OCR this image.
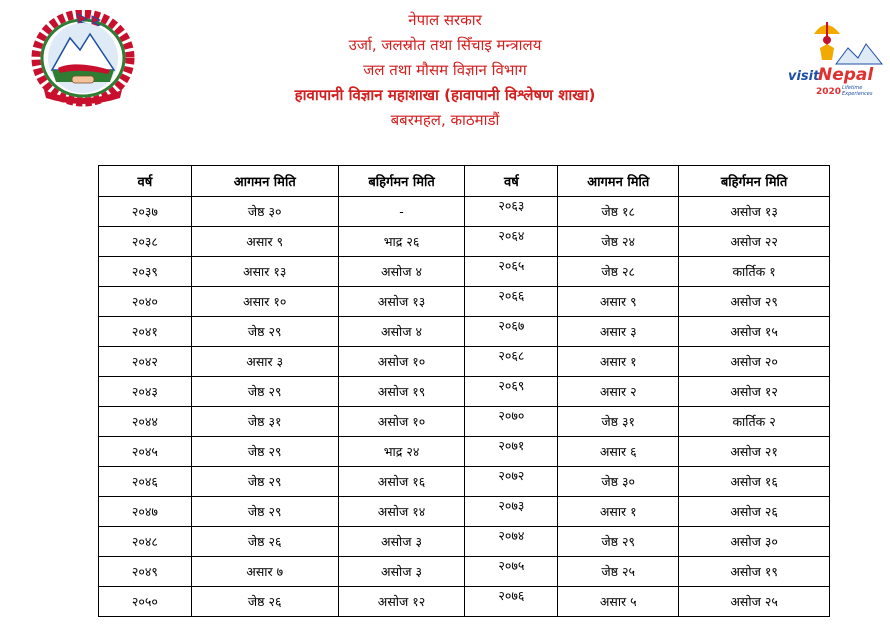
visit
Nepal
2020 Lifetime
Experiences
नेपाल सरकार
उर्जा, जलस्रोत तथा सिँचाइ मन्त्रालय
जल तथा मौसम विज्ञान विभाग
हावापानी विज्ञान महाशाखा (हावापानी विश्लेषण शाखा)
बबरमहल, काठमाडौं
वर्ष	आगमन मिति	बहिर्गमन मिति	वर्ष	आगमन मिति	बहिर्गमन मिति
२०३७	जेष्ठ ३०	-	२०६३	जेष्ठ १८	असोज १३
२०३८	असार ९	भाद्र २६	२०६४	जेष्ठ २४	असोज २२
२०३९	असार १३	असोज ४	२०६५	जेष्ठ २८	कार्तिक १
२०४०	असार १०	असोज १३	२०६६	असार ९	असोज २९
२०४१	जेष्ठ २९	असोज ४	२०६७	असार ३	असोज १५
२०४२	असार ३	असोज १०	२०६८	असार १	असोज २०
२०४३	जेष्ठ २९	असोज १९	२०६९	असार २	असोज १२
२०४४	जेष्ठ ३१	असोज १०	२०७०	जेष्ठ ३१	कार्तिक २
२०४५	जेष्ठ २९	भाद्र २४	२०७१	असार ६	असोज २१
२०४६	जेष्ठ २९	असोज १६	२०७२	जेष्ठ ३०	असोज १६
२०४७	जेष्ठ २९	असोज १४	२०७३	असार १	असोज २६
२०४८	जेष्ठ २६	असोज ३	२०७४	जेष्ठ २९	असोज ३०
२०४९	असार ७	असोज ३	२०७५	जेष्ठ २५	असोज १९
२०५०	जेष्ठ २६	असोज १२	२०७६	असार ५	असोज २५
